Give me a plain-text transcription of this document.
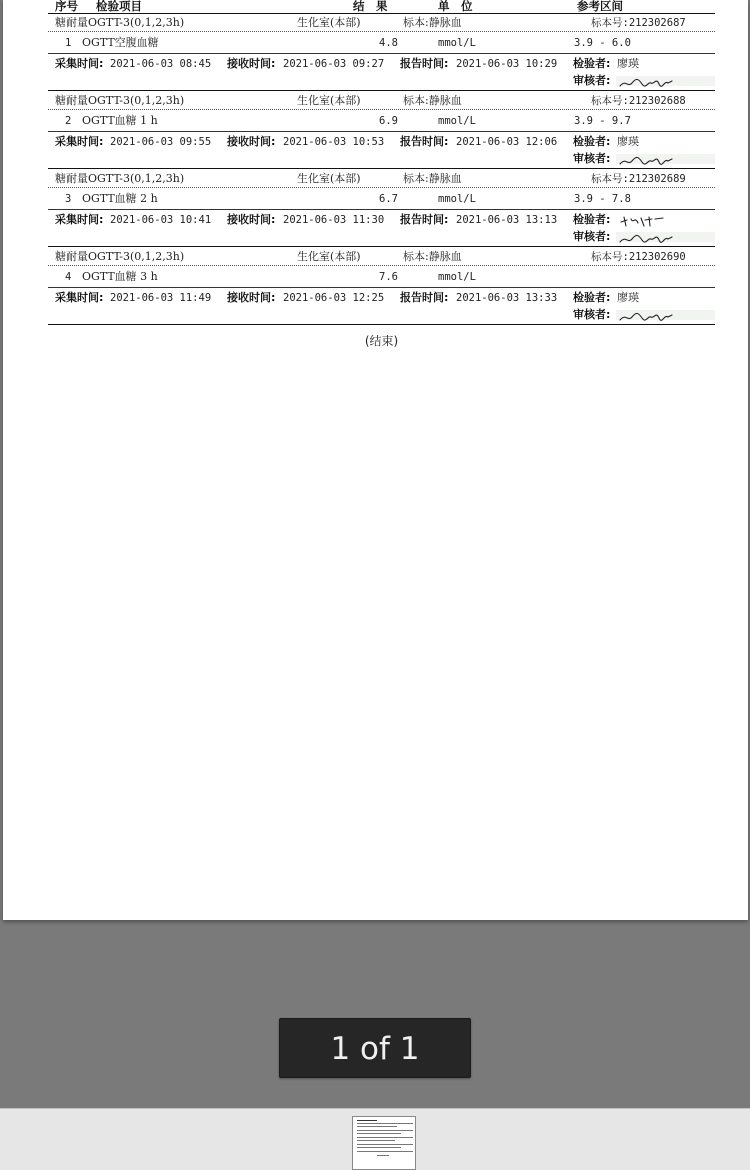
序号 检验项目	结　果	单　位	参考区间
糖耐量OGTT-3(0,1,2,3h)	生化室(本部)	标本:静脉血	标本号:212302687
1 OGTT空腹血糖	4.8	mmol/L	3.9 - 6.0
采集时间: 2021-06-03 08:45 接收时间: 2021-06-03 09:27 报告时间: 2021-06-03 10:29 检验者: 廖瑛
审核者:
糖耐量OGTT-3(0,1,2,3h)	生化室(本部)	标本:静脉血	标本号:212302688
2 OGTT血糖 1 h	6.9	mmol/L	3.9 - 9.7
采集时间: 2021-06-03 09:55 接收时间: 2021-06-03 10:53 报告时间: 2021-06-03 12:06 检验者: 廖瑛
审核者:
糖耐量OGTT-3(0,1,2,3h)	生化室(本部)	标本:静脉血	标本号:212302689
3 OGTT血糖 2 h	6.7	mmol/L	3.9 - 7.8
采集时间: 2021-06-03 10:41 接收时间: 2021-06-03 11:30 报告时间: 2021-06-03 13:13 检验者:
审核者:
糖耐量OGTT-3(0,1,2,3h)	生化室(本部)	标本:静脉血	标本号:212302690
4 OGTT血糖 3 h	7.6	mmol/L
采集时间: 2021-06-03 11:49 接收时间: 2021-06-03 12:25 报告时间: 2021-06-03 13:33 检验者: 廖瑛
审核者:
(结束)
1 of 1
